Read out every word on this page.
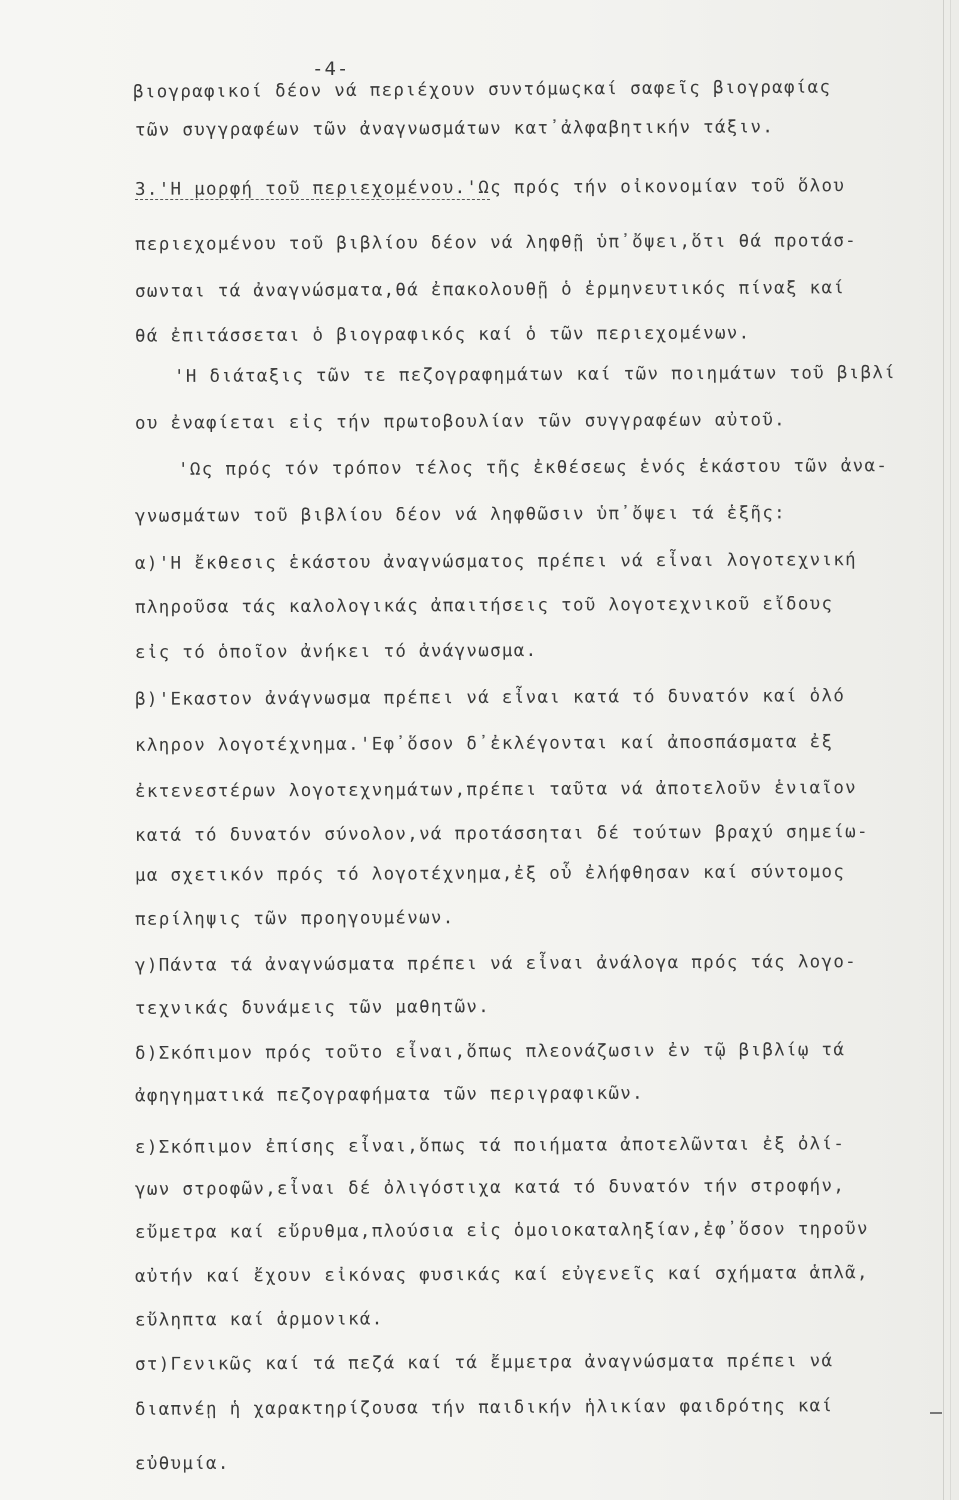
-4-
βιογραφικοί δέον νά περιέχουν συντόμωςκαί σαφεῖς βιογραφίας
τῶν συγγραφέων τῶν ἀναγνωσμάτων κατ᾽ἀλφαβητικήν τάξιν.
3.'Η μορφή τοῦ περιεχομένου.'Ως πρός τήν οἰκονομίαν τοῦ ὅλου
περιεχομένου τοῦ βιβλίου δέον νά ληφθῇ ὑπ᾽ὄψει,ὅτι θά προτάσ-
σωνται τά ἀναγνώσματα,θά ἐπακολουθῇ ὁ ἑρμηνευτικός πίναξ καί
θά ἐπιτάσσεται ὁ βιογραφικός καί ὁ τῶν περιεχομένων.
'Η διάταξις τῶν τε πεζογραφημάτων καί τῶν ποιημάτων τοῦ βιβλί
ου ἐναφίεται εἰς τήν πρωτοβουλίαν τῶν συγγραφέων αὐτοῦ.
'Ως πρός τόν τρόπον τέλος τῆς ἐκθέσεως ἑνός ἑκάστου τῶν ἀνα-
γνωσμάτων τοῦ βιβλίου δέον νά ληφθῶσιν ὑπ᾽ὄψει τά ἑξῆς:
α)'Η ἔκθεσις ἑκάστου ἀναγνώσματος πρέπει νά εἶναι λογοτεχνική
πληροῦσα τάς καλολογικάς ἀπαιτήσεις τοῦ λογοτεχνικοῦ εἴδους
εἰς τό ὁποῖον ἀνήκει τό ἀνάγνωσμα.
β)'Εκαστον ἀνάγνωσμα πρέπει νά εἶναι κατά τό δυνατόν καί ὁλό
κληρον λογοτέχνημα.'Εφ᾽ὅσον δ᾽ἐκλέγονται καί ἀποσπάσματα ἐξ
ἐκτενεστέρων λογοτεχνημάτων,πρέπει ταῦτα νά ἀποτελοῦν ἑνιαῖον
κατά τό δυνατόν σύνολον,νά προτάσσηται δέ τούτων βραχύ σημείω-
μα σχετικόν πρός τό λογοτέχνημα,ἐξ οὗ ἐλήφθησαν καί σύντομος
περίληψις τῶν προηγουμένων.
γ)Πάντα τά ἀναγνώσματα πρέπει νά εἶναι ἀνάλογα πρός τάς λογο-
τεχνικάς δυνάμεις τῶν μαθητῶν.
δ)Σκόπιμον πρός τοῦτο εἶναι,ὅπως πλεονάζωσιν ἐν τῷ βιβλίῳ τά
ἀφηγηματικά πεζογραφήματα τῶν περιγραφικῶν.
ε)Σκόπιμον ἐπίσης εἶναι,ὅπως τά ποιήματα ἀποτελῶνται ἐξ ὀλί-
γων στροφῶν,εἶναι δέ ὀλιγόστιχα κατά τό δυνατόν τήν στροφήν,
εὔμετρα καί εὔρυθμα,πλούσια εἰς ὁμοιοκαταληξίαν,ἐφ᾽ὅσον τηροῦν
αὐτήν καί ἔχουν εἰκόνας φυσικάς καί εὐγενεῖς καί σχήματα ἁπλᾶ,
εὔληπτα καί ἁρμονικά.
στ)Γενικῶς καί τά πεζά καί τά ἔμμετρα ἀναγνώσματα πρέπει νά
διαπνέῃ ἡ χαρακτηρίζουσα τήν παιδικήν ἡλικίαν φαιδρότης καί
εὐθυμία.
